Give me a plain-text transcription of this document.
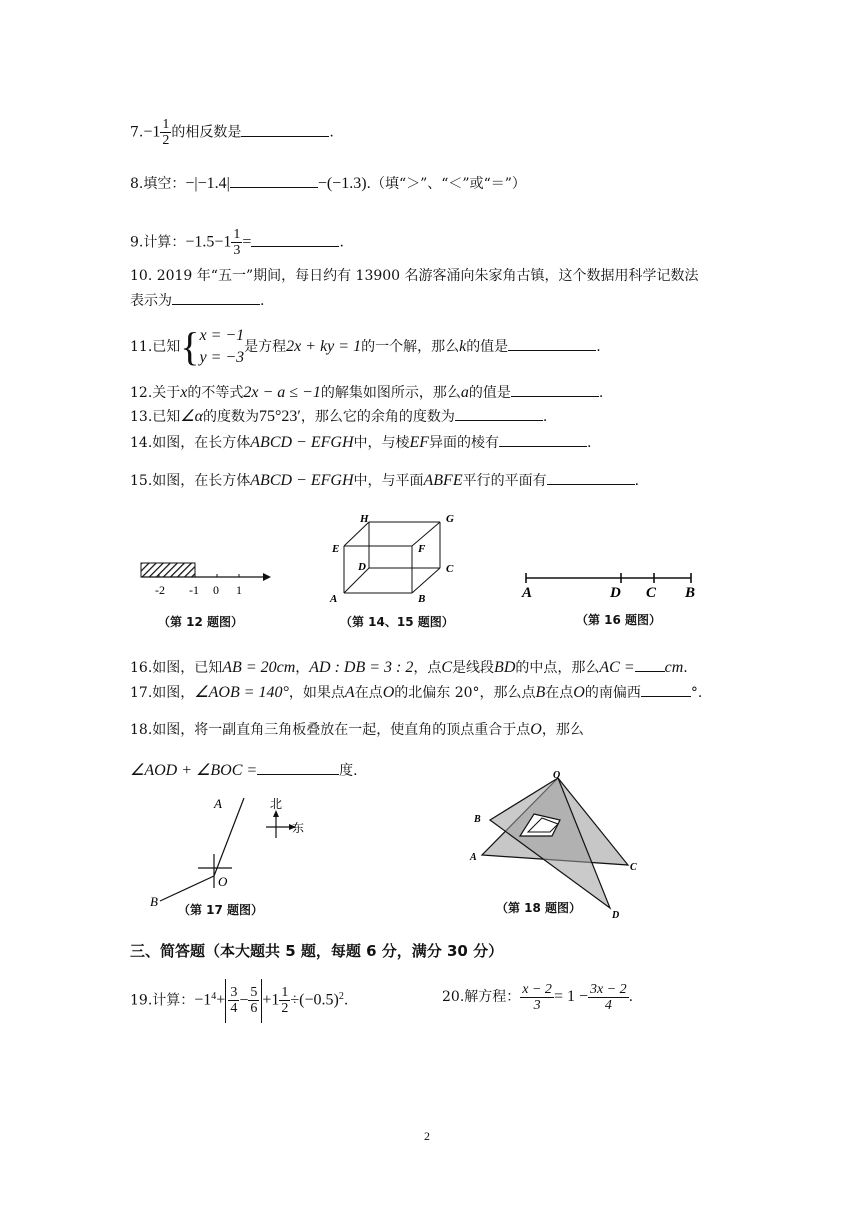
$7.-1 \frac{1}{2}$ 的相反数是	.
8.填空：−|−1.4|	−(−1.3).（填“＞”、“＜”或“＝”）
9.计算：$-1.5-1 \frac{1}{3}$ =	.
10. 2019 年“五一”期间，每日约有 13900 名游客涌向朱家角古镇，这个数据用科学记数法
表示为	.
11.已知{ x = −1
y = −3
是方程2x + ky = 1的一个解，那么k的值是	.
12.关于x的不等式2x − a ≤ −1的解集如图所示，那么a的值是	.
13.已知∠α的度数为75°23′，那么它的余角的度数为	.
14.如图，在长方体ABCD − EFGH中，与棱EF异面的棱有	.
15.如图，在长方体ABCD − EFGH中，与平面ABFE平行的平面有	.
-2 -1 0 1
（第 12 题图）
H	G
E	F
D	C
A	B
（第 14、15 题图）
A	D C B
（第 16 题图）
16.如图，已知AB = 20cm，AD : DB = 3 : 2，点C是线段BD的中点，那么AC = cm.
17.如图，∠AOB = 140°，如果点A在点O的北偏东 20°，那么点B在点O的南偏西	°.
18.如图，将一副直角三角板叠放在一起，使直角的顶点重合于点O，那么
∠AOD + ∠BOC =	度.
A
B
O
北
东
（第 17 题图）
O
B
A
C
D
（第 18 题图）
三、简答题（本大题共 5 题，每题 6 分，满分 30 分）
19.计算：$-1^4+ \frac{3}{4} - \frac{5}{6} +1 \frac{1}{2} \div(-0.5)^2$.	20.解方程： $\frac{x - 2}{3} = 1 - \frac{3x - 2}{4}$ .
2
